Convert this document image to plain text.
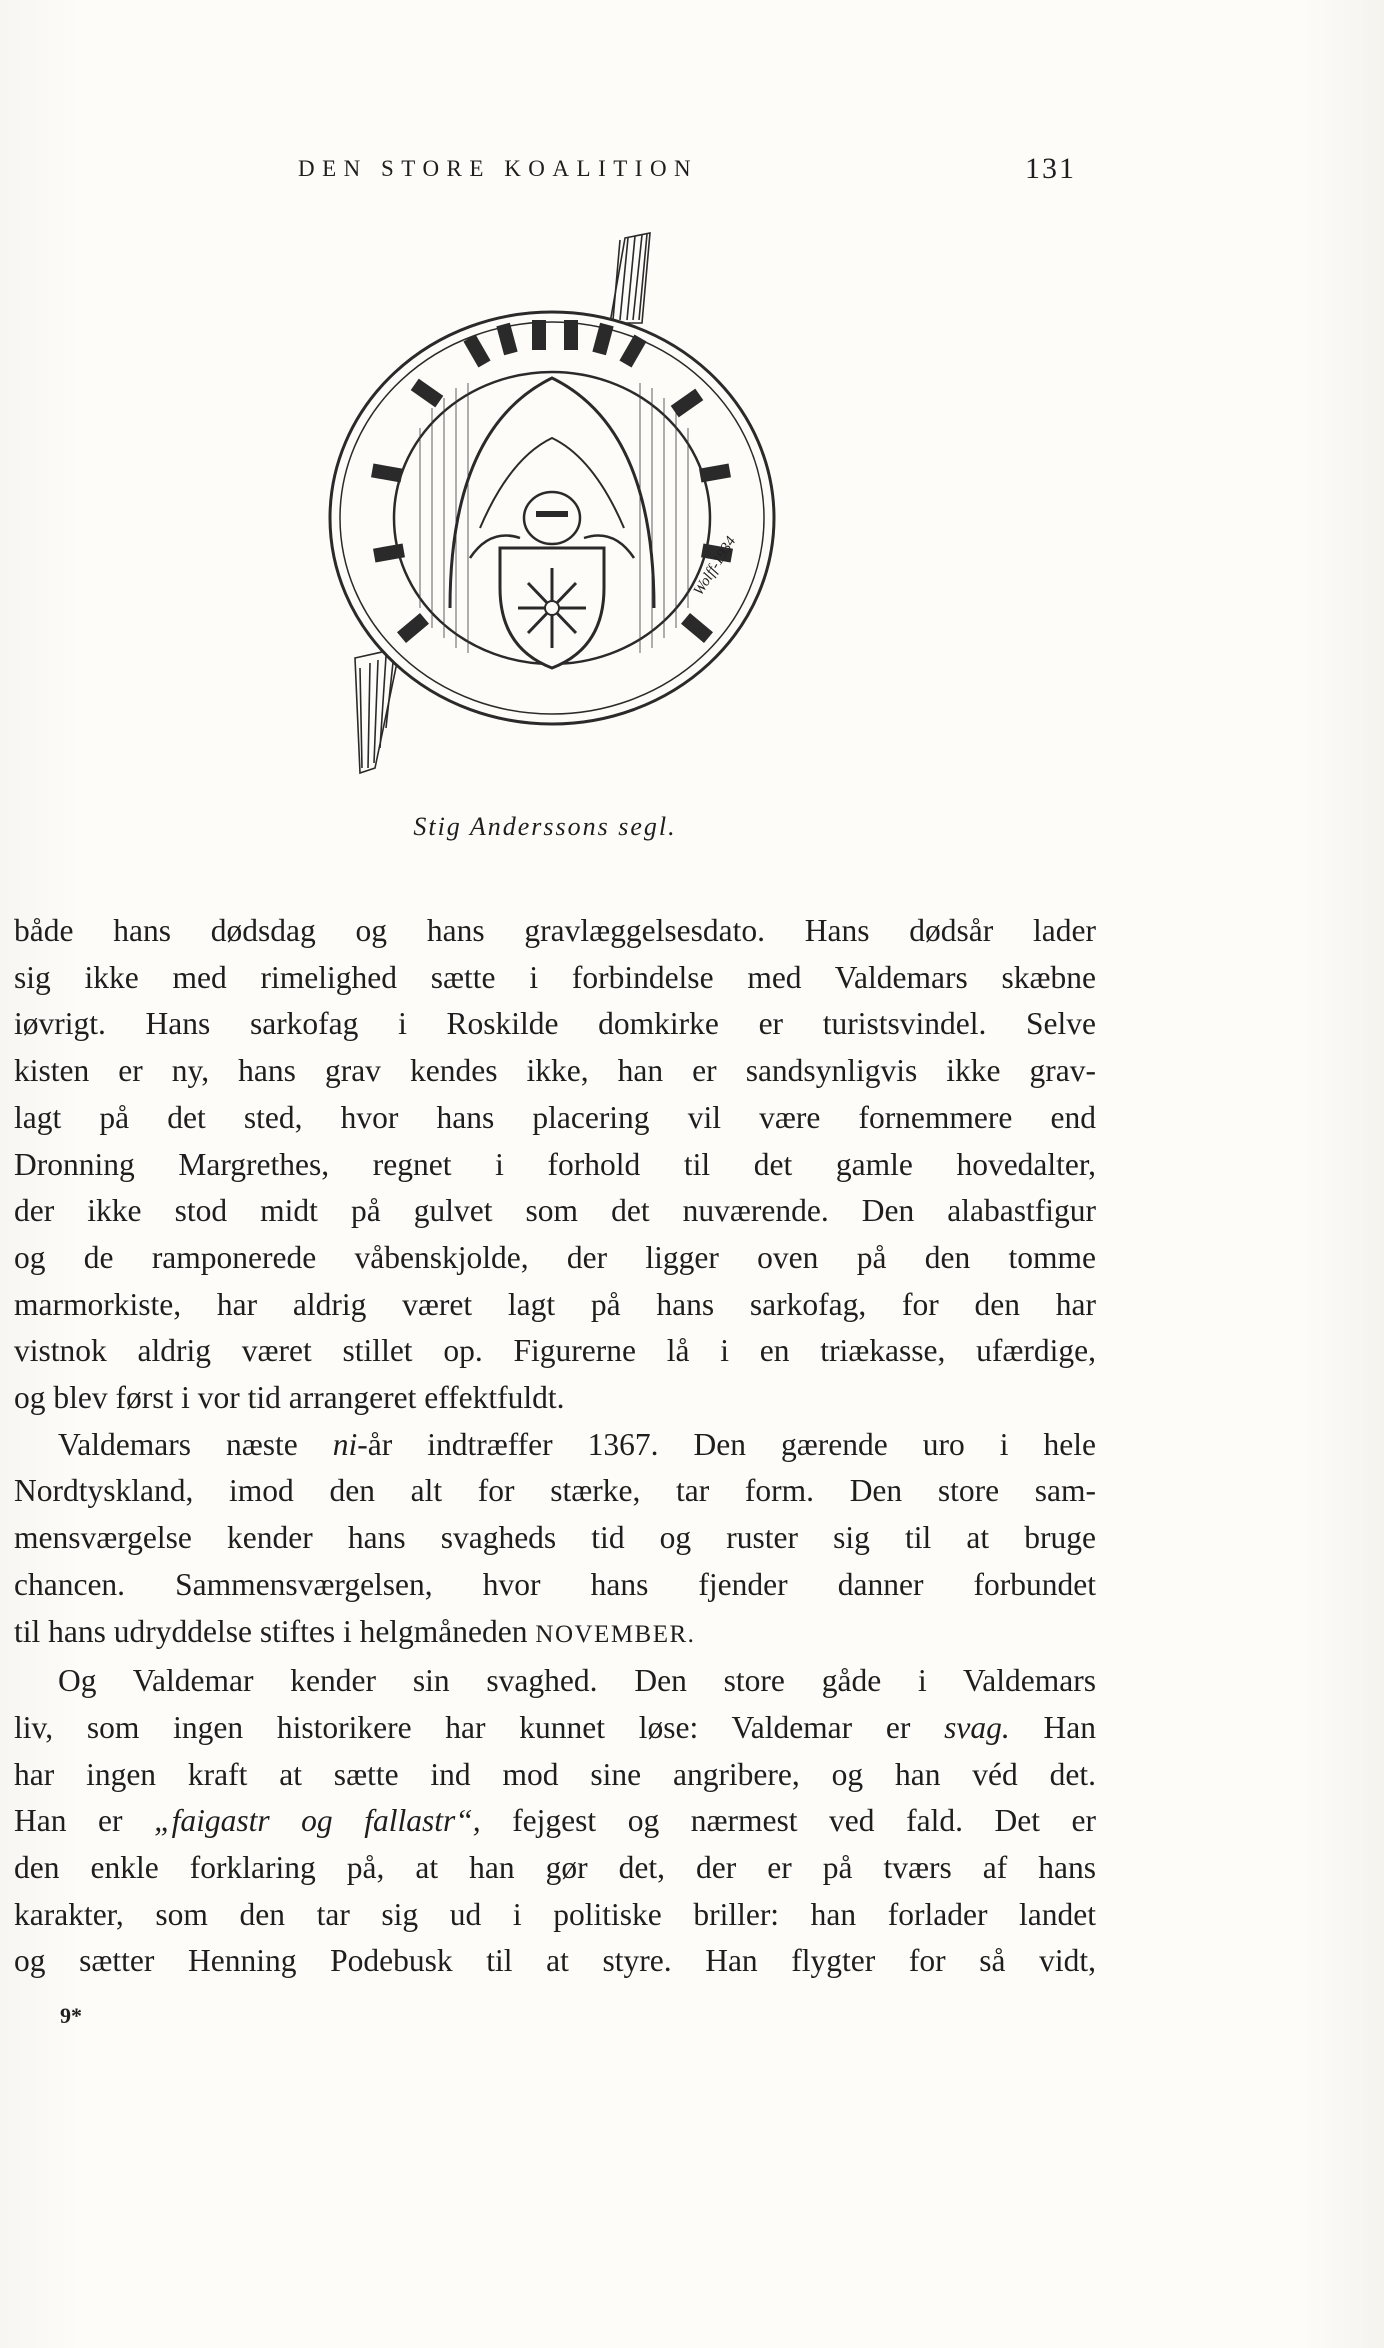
DEN STORE KOALITION	131
Wolff-1934
Stig Anderssons segl.

både hans dødsdag og hans gravlæggelsesdato. Hans dødsår lader
sig ikke med rimelighed sætte i forbindelse med Valdemars skæbne
iøvrigt. Hans sarkofag i Roskilde domkirke er turistsvindel. Selve
kisten er ny, hans grav kendes ikke, han er sandsynligvis ikke grav-
lagt på det sted, hvor hans placering vil være fornemmere end
Dronning Margrethes, regnet i forhold til det gamle hovedalter,
der ikke stod midt på gulvet som det nuværende. Den alabastfigur
og de ramponerede våbenskjolde, der ligger oven på den tomme
marmorkiste, har aldrig været lagt på hans sarkofag, for den har
vistnok aldrig været stillet op. Figurerne lå i en triækasse, ufærdige,
og blev først i vor tid arrangeret effektfuldt.

Valdemars næste ni-år indtræffer 1367. Den gærende uro i hele
Nordtyskland, imod den alt for stærke, tar form. Den store sam-
mensværgelse kender hans svagheds tid og ruster sig til at bruge
chancen. Sammensværgelsen, hvor hans fjender danner forbundet
til hans udryddelse stiftes i helgmåneden NOVEMBER.

Og Valdemar kender sin svaghed. Den store gåde i Valdemars
liv, som ingen historikere har kunnet løse: Valdemar er svag. Han
har ingen kraft at sætte ind mod sine angribere, og han véd det.
Han er „faigastr og fallastr“, fejgest og nærmest ved fald. Det er
den enkle forklaring på, at han gør det, der er på tværs af hans
karakter, som den tar sig ud i politiske briller: han forlader landet
og sætter Henning Podebusk til at styre. Han flygter for så vidt,

9*
